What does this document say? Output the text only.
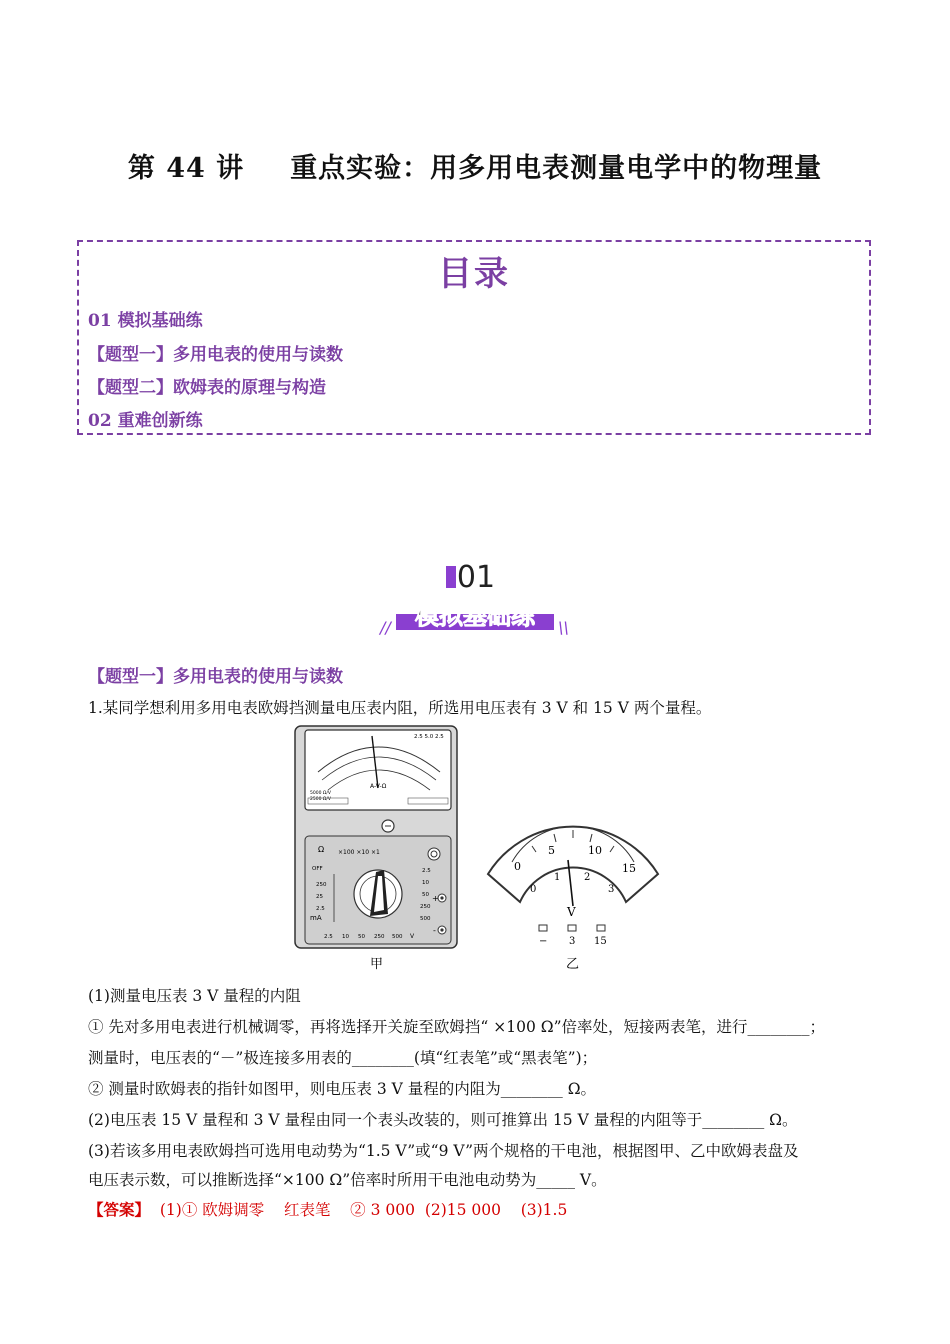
第 44 讲 重点实验：用多用电表测量电学中的物理量
目录
01 模拟基础练
【题型一】多用电表的使用与读数
【题型二】欧姆表的原理与构造
02 重难创新练
01
模拟基础练
//	\\
【题型一】多用电表的使用与读数
1.某同学想利用多用电表欧姆挡测量电压表内阻，所选用电压表有 3 V 和 15 V 两个量程。
2.5 5.0 2.5
A-V-Ω
5000 Ω/V
2500 Ω/V
Ω ×100 ×10 ×1
OFF
250
25
2.5
mA
2.5
10
50
250
500
2.5 10 50 250 500 V
+
-
甲
0
5	10
15
0
1 2
3
V
− 3 15
乙
(1)测量电压表 3 V 量程的内阻
① 先对多用电表进行机械调零，再将选择开关旋至欧姆挡“ ×100 Ω”倍率处，短接两表笔，进行________；
测量时，电压表的“－”极连接多用表的________(填“红表笔”或“黑表笔”)；
② 测量时欧姆表的指针如图甲，则电压表 3 V 量程的内阻为________ Ω。
(2)电压表 15 V 量程和 3 V 量程由同一个表头改装的，则可推算出 15 V 量程的内阻等于________ Ω。
(3)若该多用电表欧姆挡可选用电动势为“1.5 V”或“9 V”两个规格的干电池，根据图甲、乙中欧姆表盘及
电压表示数，可以推断选择“×100 Ω”倍率时所用干电池电动势为_____ V。
【答案】  (1)① 欧姆调零    红表笔    ② 3 000  (2)15 000    (3)1.5
